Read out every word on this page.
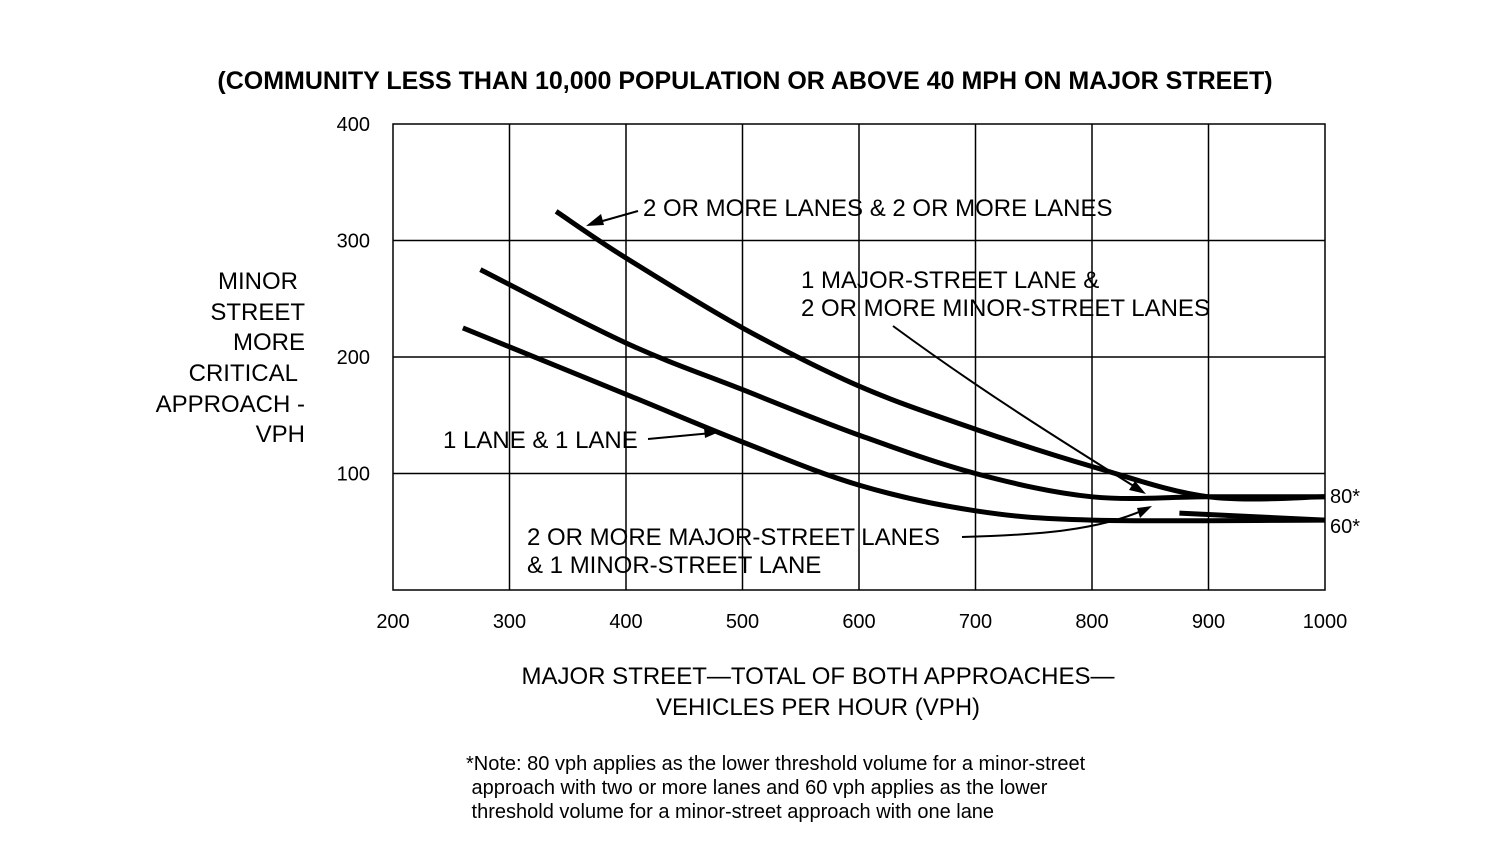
(COMMUNITY LESS THAN 10,000 POPULATION OR ABOVE 40 MPH ON MAJOR STREET)
200	300	400	500	600	700	800	900	1000
100
200
300
400
MINOR
STREET
MORE
CRITICAL
APPROACH -
VPH
MAJOR STREET—TOTAL OF BOTH APPROACHES—
VEHICLES PER HOUR (VPH)
2 OR MORE LANES & 2 OR MORE LANES
1 MAJOR-STREET LANE &
2 OR MORE MINOR-STREET LANES
2 OR MORE MAJOR-STREET LANES
& 1 MINOR-STREET LANE
1 LANE & 1 LANE
80*
60*
*Note: 80 vph applies as the lower threshold volume for a minor-street
approach with two or more lanes and 60 vph applies as the lower
threshold volume for a minor-street approach with one lane
